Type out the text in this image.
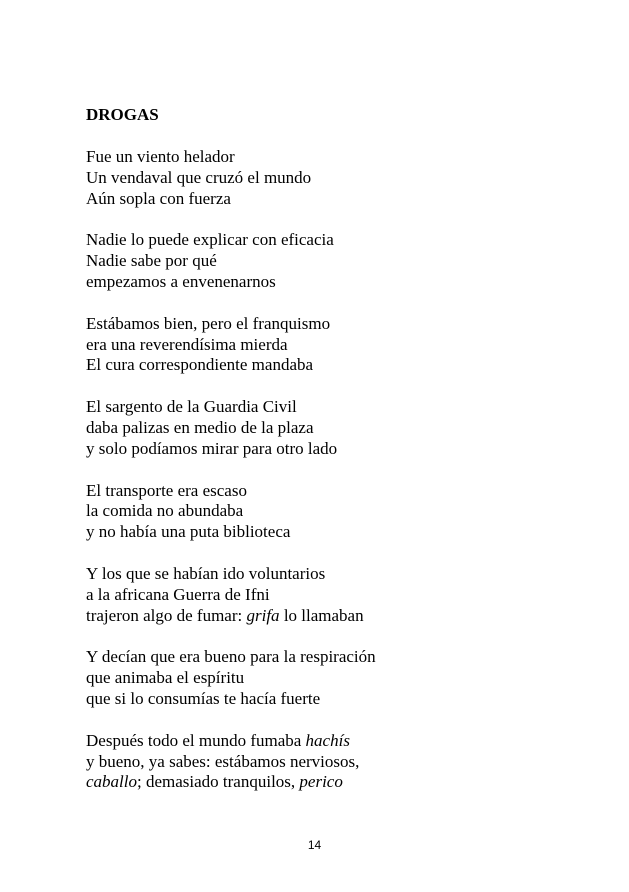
DROGAS
Fue un viento helador
Un vendaval que cruzó el mundo
Aún sopla con fuerza
Nadie lo puede explicar con eficacia
Nadie sabe por qué
empezamos a envenenarnos
Estábamos bien, pero el franquismo
era una reverendísima mierda
El cura correspondiente mandaba
El sargento de la Guardia Civil
daba palizas en medio de la plaza
y solo podíamos mirar para otro lado
El transporte era escaso
la comida no abundaba
y no había una puta biblioteca
Y los que se habían ido voluntarios
a la africana Guerra de Ifni
trajeron algo de fumar: grifa lo llamaban
Y decían que era bueno para la respiración
que animaba el espíritu
que si lo consumías te hacía fuerte
Después todo el mundo fumaba hachís
y bueno, ya sabes: estábamos nerviosos,
caballo; demasiado tranquilos, perico
14
